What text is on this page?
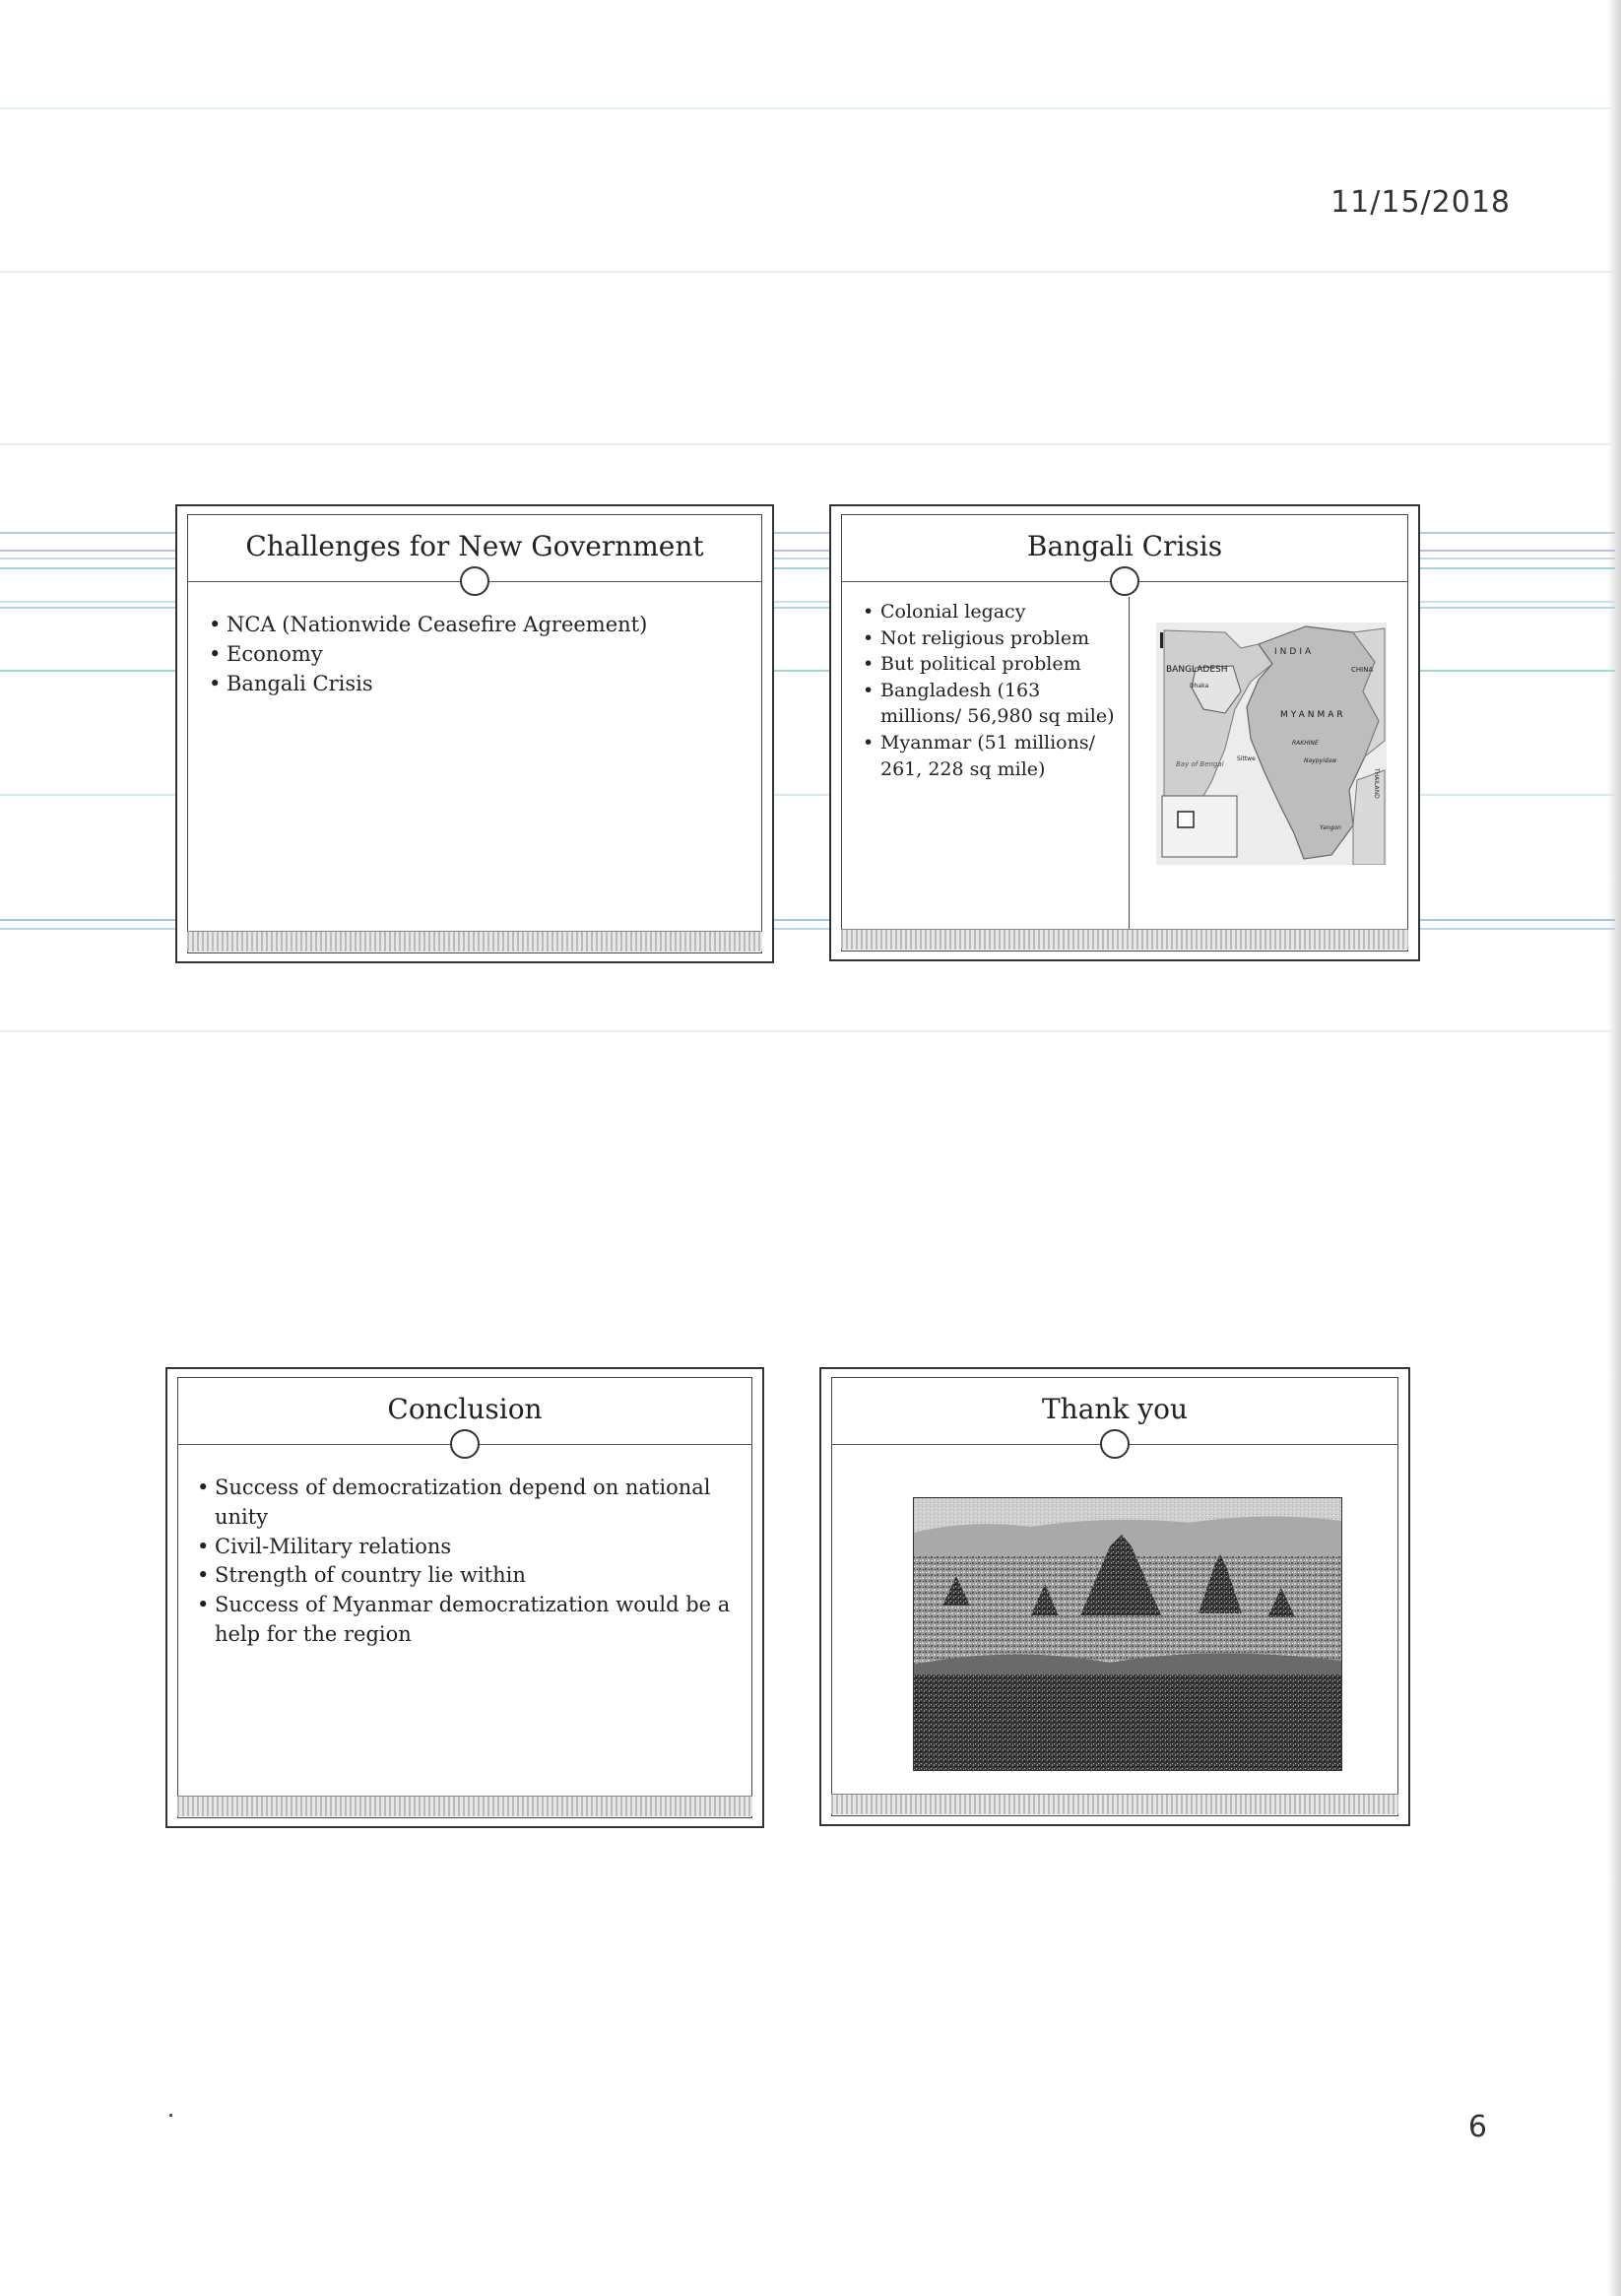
11/15/2018
Challenges for New Government
• NCA (Nationwide Ceasefire Agreement)
• Economy
• Bangali Crisis
Bangali Crisis
• Colonial legacy
• Not religious problem
• But political problem
• Bangladesh (163 millions/ 56,980 sq mile)
• Myanmar (51 millions/ 261, 228 sq mile)
INDIA
CHINA
BANGLADESH
Dhaka
MYANMAR
RAKHINE
Naypyidaw
Bay of Bengal
Sittwe
Yangon
THAILAND
Conclusion
• Success of democratization depend on national unity
• Civil-Military relations
• Strength of country lie within
• Success of Myanmar democratization would be a help for the region
Thank you
6
